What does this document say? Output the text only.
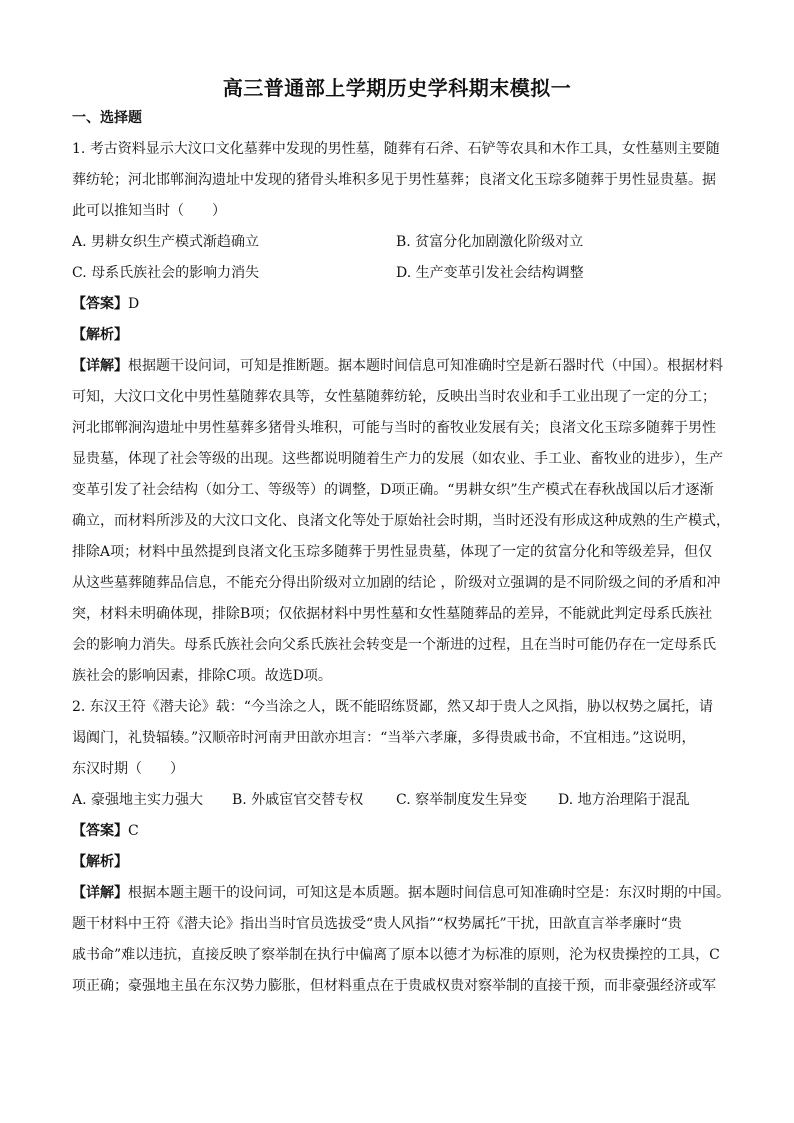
高三普通部上学期历史学科期末模拟一
一、选择题
1. 考古资料显示大汶口文化墓葬中发现的男性墓，随葬有石斧、石铲等农具和木作工具，女性墓则主要随
葬纺轮；河北邯郸涧沟遗址中发现的猪骨头堆积多见于男性墓葬；良渚文化玉琮多随葬于男性显贵墓。据
此可以推知当时（　　）
A. 男耕女织生产模式渐趋确立	B. 贫富分化加剧激化阶级对立
C. 母系氏族社会的影响力消失	D. 生产变革引发社会结构调整
【答案】D
【解析】
【详解】根据题干设问词，可知是推断题。据本题时间信息可知准确时空是新石器时代（中国）。根据材料
可知，大汶口文化中男性墓随葬农具等，女性墓随葬纺轮，反映出当时农业和手工业出现了一定的分工；
河北邯郸涧沟遗址中男性墓葬多猪骨头堆积，可能与当时的畜牧业发展有关；良渚文化玉琮多随葬于男性
显贵墓，体现了社会等级的出现。这些都说明随着生产力的发展（如农业、手工业、畜牧业的进步），生产
变革引发了社会结构（如分工、等级等）的调整，D项正确。“男耕女织”生产模式在春秋战国以后才逐渐
确立，而材料所涉及的大汶口文化、良渚文化等处于原始社会时期，当时还没有形成这种成熟的生产模式，
排除A项；材料中虽然提到良渚文化玉琮多随葬于男性显贵墓，体现了一定的贫富分化和等级差异，但仅
从这些墓葬随葬品信息，不能充分得出阶级对立加剧的结论 ，阶级对立强调的是不同阶级之间的矛盾和冲
突，材料未明确体现，排除B项；仅依据材料中男性墓和女性墓随葬品的差异，不能就此判定母系氏族社
会的影响力消失。母系氏族社会向父系氏族社会转变是一个渐进的过程，且在当时可能仍存在一定母系氏
族社会的影响因素，排除C项。故选D项。
2. 东汉王符《潜夫论》载：“今当涂之人，既不能昭练贤鄙，然又却于贵人之风指，胁以权势之属托，请
谒阗门，礼贽辐辏。”汉顺帝时河南尹田歆亦坦言：“当举六孝廉，多得贵戚书命，不宜相违。”这说明，
东汉时期（　　）
A. 豪强地主实力强大 B. 外戚宦官交替专权 C. 察举制度发生异变 D. 地方治理陷于混乱
【答案】C
【解析】
【详解】根据本题主题干的设问词，可知这是本质题。据本题时间信息可知准确时空是：东汉时期的中国。
题干材料中王符《潜夫论》指出当时官员选拔受“贵人风指”“权势属托”干扰，田歆直言举孝廉时“贵
戚书命”难以违抗，直接反映了察举制在执行中偏离了原本以德才为标准的原则，沦为权贵操控的工具，C
项正确；豪强地主虽在东汉势力膨胀，但材料重点在于贵戚权贵对察举制的直接干预，而非豪强经济或军
